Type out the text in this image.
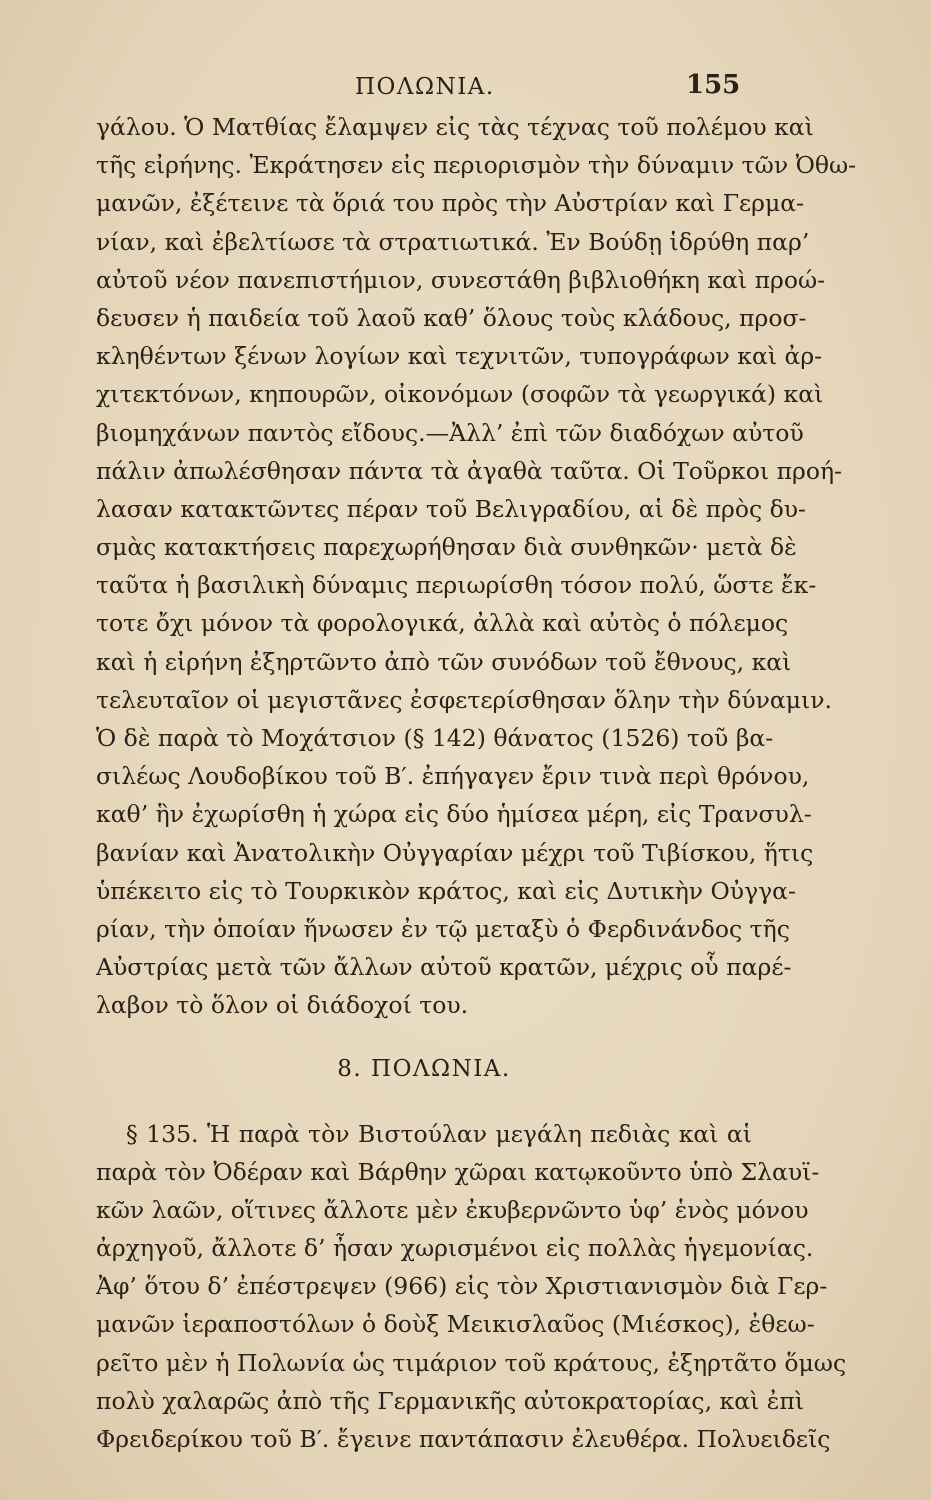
ΠΟΛΩΝΙΑ.	155
γάλου. Ὁ Ματθίας ἔλαμψεν εἰς τὰς τέχνας τοῦ πολέμου καὶ
τῆς εἰρήνης. Ἐκράτησεν εἰς περιορισμὸν τὴν δύναμιν τῶν Ὀθω-
μανῶν, ἐξέτεινε τὰ ὅριά του πρὸς τὴν Αὐστρίαν καὶ Γερμα-
νίαν, καὶ ἐβελτίωσε τὰ στρατιωτικά. Ἐν Βούδῃ ἱδρύθη παρ’
αὐτοῦ νέον πανεπιστήμιον, συνεστάθη βιβλιοθήκη καὶ προώ-
δευσεν ἡ παιδεία τοῦ λαοῦ καθ’ ὅλους τοὺς κλάδους, προσ-
κληθέντων ξένων λογίων καὶ τεχνιτῶν, τυπογράφων καὶ ἀρ-
χιτεκτόνων, κηπουρῶν, οἰκονόμων (σοφῶν τὰ γεωργικά) καὶ
βιομηχάνων παντὸς εἴδους.—Ἀλλ’ ἐπὶ τῶν διαδόχων αὐτοῦ
πάλιν ἀπωλέσθησαν πάντα τὰ ἀγαθὰ ταῦτα. Οἱ Τοῦρκοι προή-
λασαν κατακτῶντες πέραν τοῦ Βελιγραδίου, αἱ δὲ πρὸς δυ-
σμὰς κατακτήσεις παρεχωρήθησαν διὰ συνθηκῶν· μετὰ δὲ
ταῦτα ἡ βασιλικὴ δύναμις περιωρίσθη τόσον πολύ, ὥστε ἔκ-
τοτε ὄχι μόνον τὰ φορολογικά, ἀλλὰ καὶ αὐτὸς ὁ πόλεμος
καὶ ἡ εἰρήνη ἐξηρτῶντο ἀπὸ τῶν συνόδων τοῦ ἔθνους, καὶ
τελευταῖον οἱ μεγιστᾶνες ἐσφετερίσθησαν ὅλην τὴν δύναμιν.
Ὁ δὲ παρὰ τὸ Μοχάτσιον (§ 142) θάνατος (1526) τοῦ βα-
σιλέως Λουδοβίκου τοῦ Β′. ἐπήγαγεν ἔριν τινὰ περὶ θρόνου,
καθ’ ἣν ἐχωρίσθη ἡ χώρα εἰς δύο ἡμίσεα μέρη, εἰς Τρανσυλ-
βανίαν καὶ Ἀνατολικὴν Οὐγγαρίαν μέχρι τοῦ Τιβίσκου, ἥτις
ὑπέκειτο εἰς τὸ Τουρκικὸν κράτος, καὶ εἰς Δυτικὴν Οὐγγα-
ρίαν, τὴν ὁποίαν ἥνωσεν ἐν τῷ μεταξὺ ὁ Φερδινάνδος τῆς
Αὐστρίας μετὰ τῶν ἄλλων αὐτοῦ κρατῶν, μέχρις οὗ παρέ-
λαβον τὸ ὅλον οἱ διάδοχοί του.
8. ΠΟΛΩΝΙΑ.
§ 135. Ἡ παρὰ τὸν Βιστούλαν μεγάλη πεδιὰς καὶ αἱ
παρὰ τὸν Ὀδέραν καὶ Βάρθην χῶραι κατῳκοῦντο ὑπὸ Σλαυϊ-
κῶν λαῶν, οἵτινες ἄλλοτε μὲν ἐκυβερνῶντο ὑφ’ ἑνὸς μόνου
ἀρχηγοῦ, ἄλλοτε δ’ ἦσαν χωρισμένοι εἰς πολλὰς ἡγεμονίας.
Ἀφ’ ὅτου δ’ ἐπέστρεψεν (966) εἰς τὸν Χριστιανισμὸν διὰ Γερ-
μανῶν ἱεραποστόλων ὁ δοὺξ Μεικισλαῦος (Μιέσκος), ἐθεω-
ρεῖτο μὲν ἡ Πολωνία ὡς τιμάριον τοῦ κράτους, ἐξηρτᾶτο ὅμως
πολὺ χαλαρῶς ἀπὸ τῆς Γερμανικῆς αὐτοκρατορίας, καὶ ἐπὶ
Φρειδερίκου τοῦ Β′. ἔγεινε παντάπασιν ἐλευθέρα. Πολυειδεῖς
